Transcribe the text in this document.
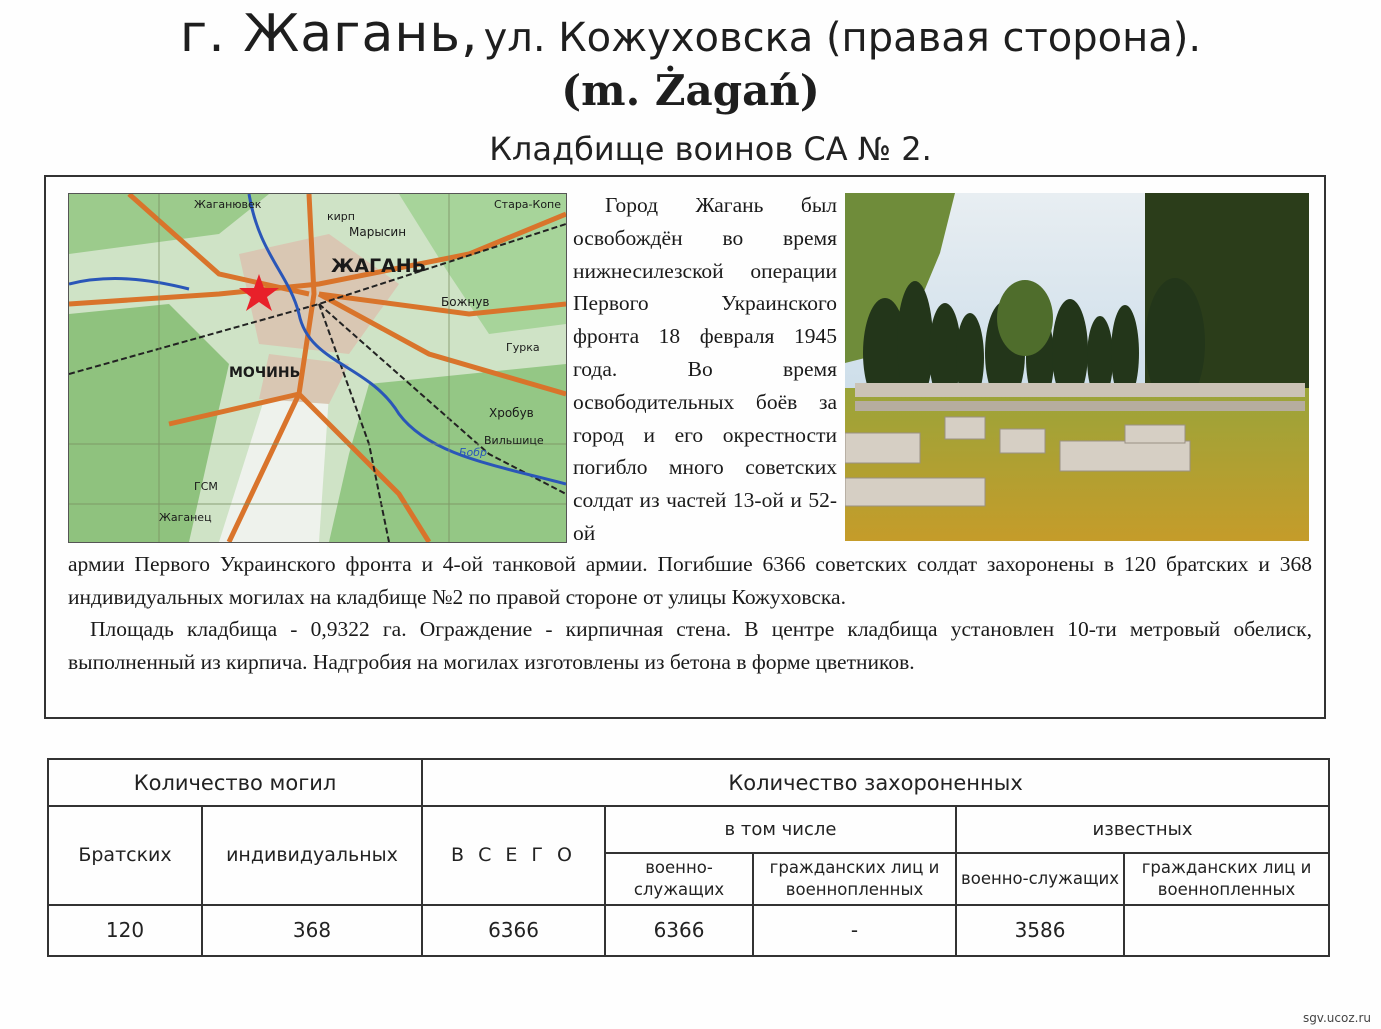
г. Жагань, ул. Кожуховска (правая сторона).
(m. Żagań)
Кладбище воинов СА № 2.
ЖАГАНЬ
МОЧИНЬ
Божнув
Жаганец
Марысин
Хробув
Вильшице
Гурка
Стара-Копе
Жаганювек
кирп
Бобр
ГСМ
Город Жагань был освобождён во время нижнесилезской операции Первого Украинского фронта 18 февраля 1945 года. Во время освободительных боёв за город и его окрестности погибло много советских солдат из частей 13-ой и 52-ой

армии Первого Украинского фронта и 4-ой танковой армии. Погибшие 6366 советских солдат захоронены в 120 братских и 368 индивидуальных могилах на кладбище №2 по правой стороне от улицы Кожуховска.

Площадь кладбища - 0,9322 га. Ограждение - кирпичная стена. В центре кладбища установлен 10-ти метровый обелиск, выполненный из кирпича. Надгробия на могилах изготовлены из бетона в форме цветников.

Количество могил		Количество захороненных				
Братских	индивидуальных	В С Е Г О	в том числе		известных	
			военно-служащих	гражданских лиц и военнопленных	военно-служащих	гражданских лиц и военнопленных
120	368	6366	6366	-	3586	
sgv.ucoz.ru
